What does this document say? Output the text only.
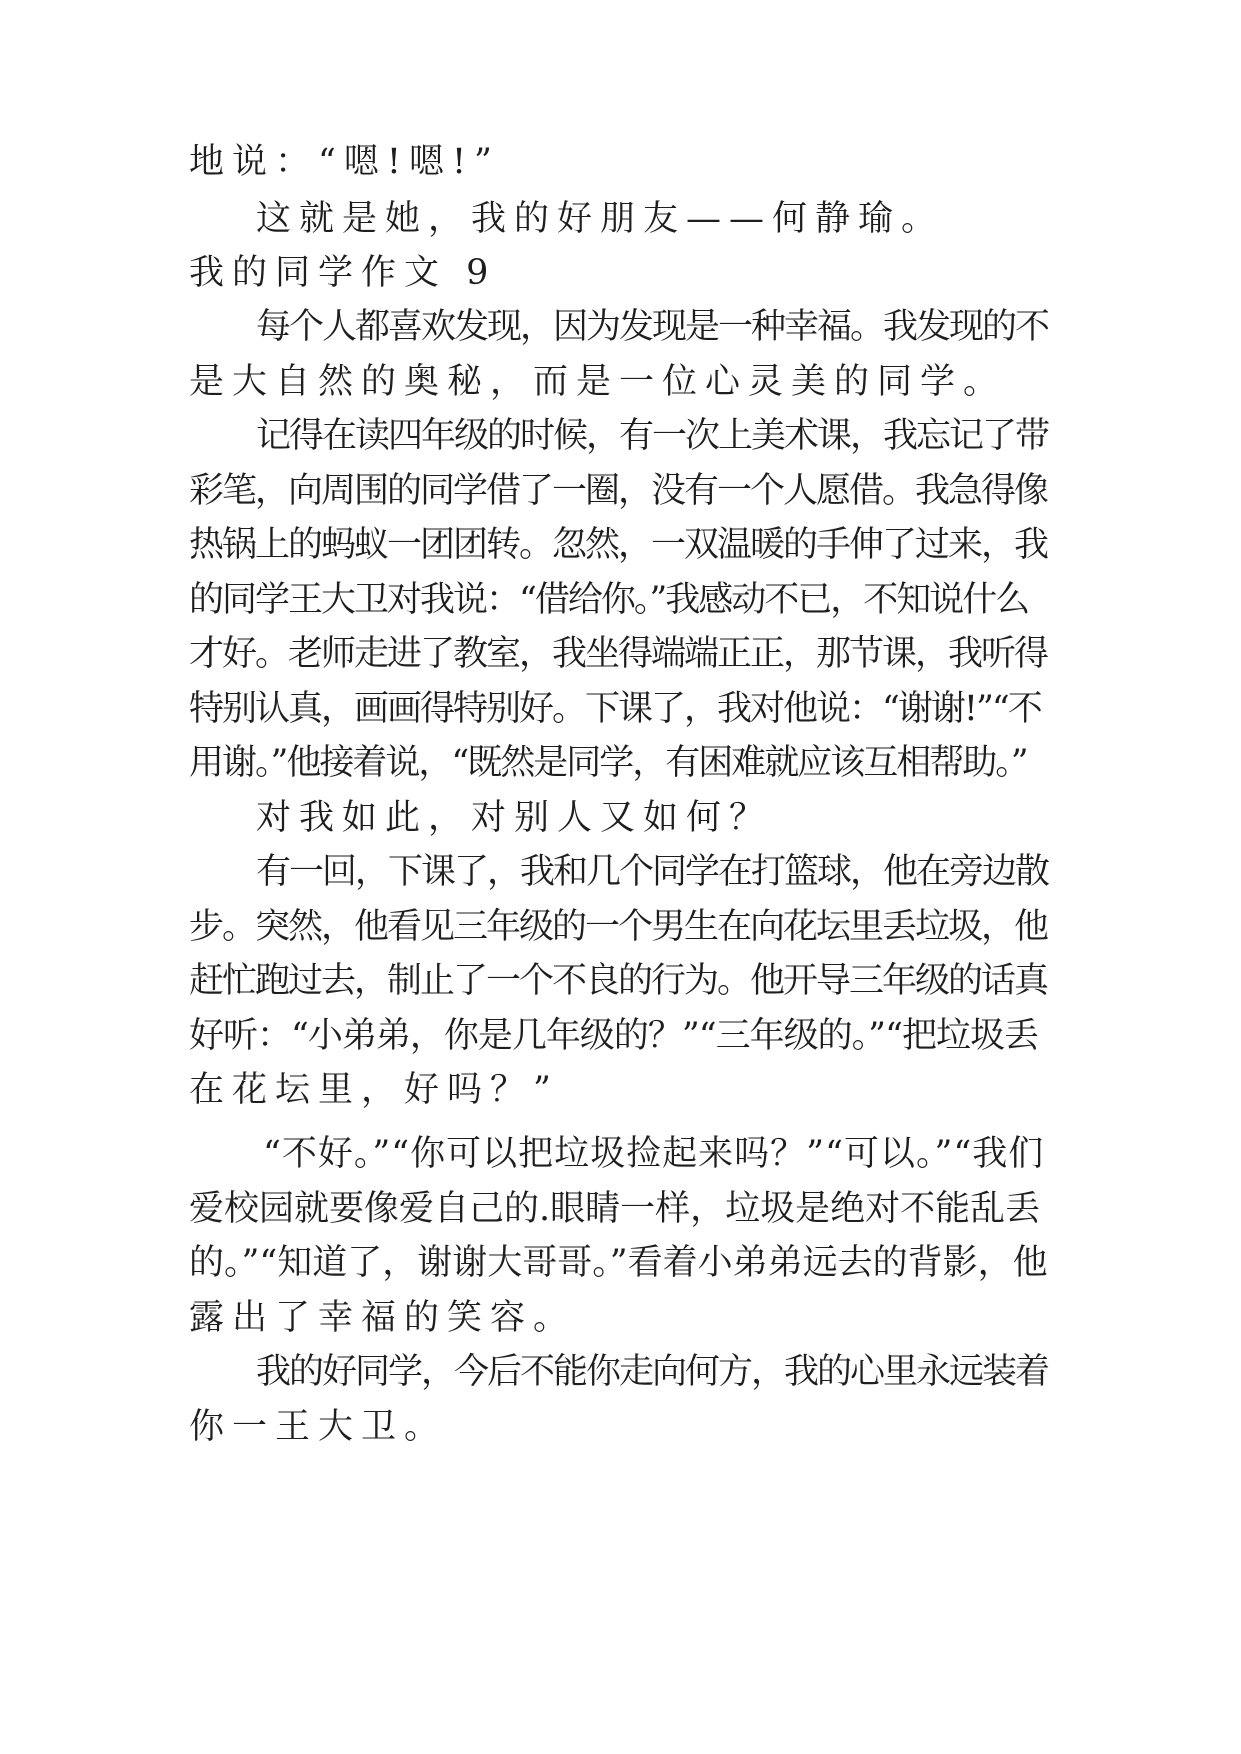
地说：“嗯!嗯!”
这就是她，我的好朋友——何静瑜。
我的同学作文 9
每个人都喜欢发现，因为发现是一种幸福。我发现的不
是大自然的奥秘，而是一位心灵美的同学。
记得在读四年级的时候，有一次上美术课，我忘记了带
彩笔，向周围的同学借了一圈，没有一个人愿借。我急得像
热锅上的蚂蚁一团团转。忽然，一双温暖的手伸了过来，我
的同学王大卫对我说：“借给你。”我感动不已，不知说什么
才好。老师走进了教室，我坐得端端正正，那节课，我听得
特别认真，画画得特别好。下课了，我对他说：“谢谢!”“不
用谢。”他接着说，“既然是同学，有困难就应该互相帮助。”
对我如此，对别人又如何？
有一回，下课了，我和几个同学在打篮球，他在旁边散
步。突然，他看见三年级的一个男生在向花坛里丢垃圾，他
赶忙跑过去，制止了一个不良的行为。他开导三年级的话真
好听：“小弟弟，你是几年级的？”“三年级的。”“把垃圾丢
在花坛里，好吗？”
“不好。”“你可以把垃圾捡起来吗？”“可以。”“我们
爱校园就要像爱自己的.眼睛一样，垃圾是绝对不能乱丢
的。”“知道了，谢谢大哥哥。”看着小弟弟远去的背影，他
露出了幸福的笑容。
我的好同学，今后不能你走向何方，我的心里永远装着
你一王大卫。
